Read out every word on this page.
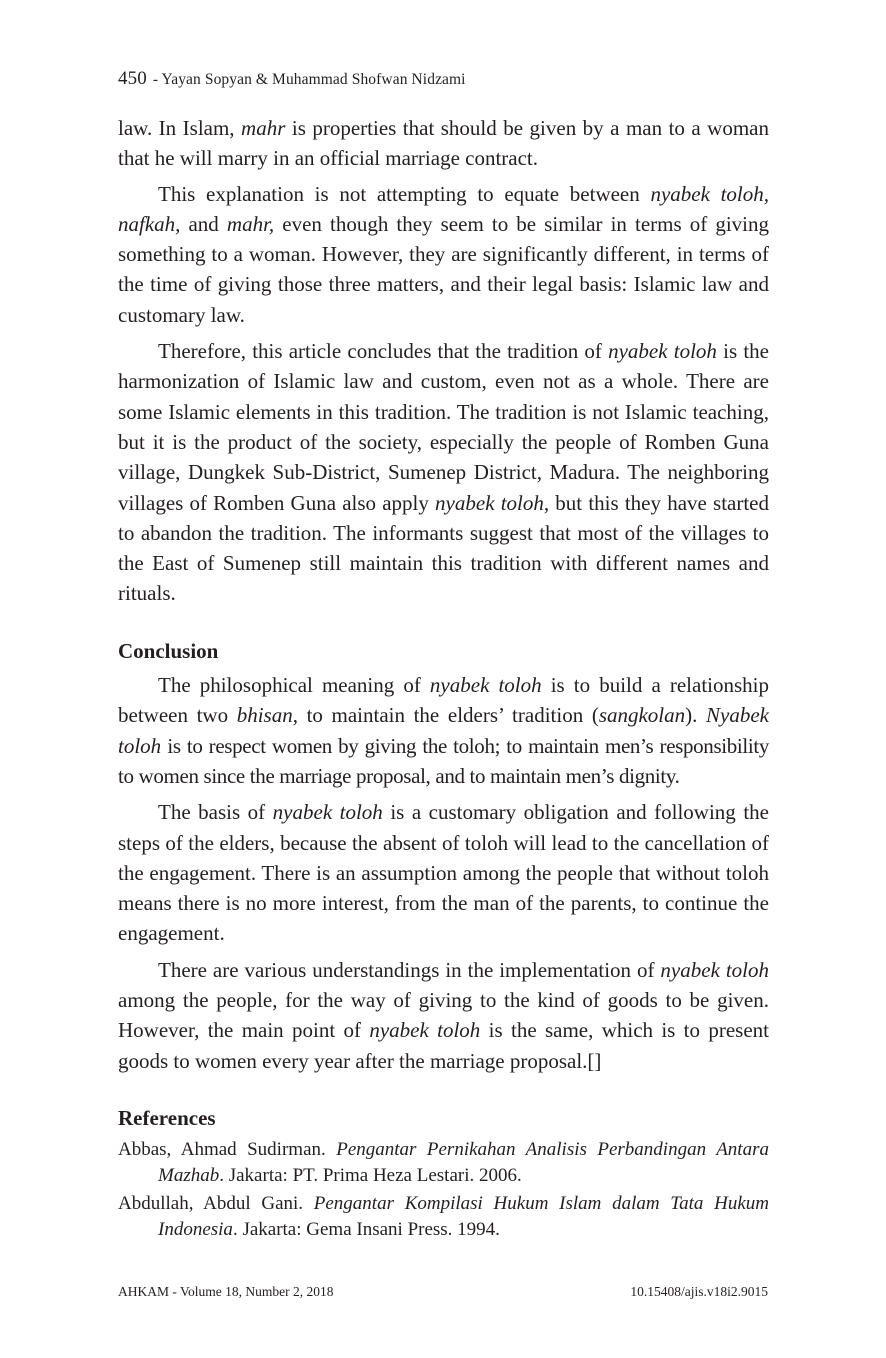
450 - Yayan Sopyan & Muhammad Shofwan Nidzami

law. In Islam, mahr is properties that should be given by a man to a woman that he will marry in an official marriage contract.

This explanation is not attempting to equate between nyabek toloh, nafkah, and mahr, even though they seem to be similar in terms of giving something to a woman. However, they are significantly different, in terms of the time of giving those three matters, and their legal basis: Islamic law and customary law.

Therefore, this article concludes that the tradition of nyabek toloh is the harmonization of Islamic law and custom, even not as a whole. There are some Islamic elements in this tradition. The tradition is not Islamic teaching, but it is the product of the society, especially the people of Romben Guna village, Dungkek Sub-District, Sumenep District, Madura. The neighboring villages of Romben Guna also apply nyabek toloh, but this they have started to abandon the tradition. The informants suggest that most of the villages to the East of Sumenep still maintain this tradition with different names and rituals.

Conclusion

The philosophical meaning of nyabek toloh is to build a relationship between two bhisan, to maintain the elders’ tradition (sangkolan). Nyabek toloh is to respect women by giving the toloh; to maintain men’s responsibility to women since the marriage proposal, and to maintain men’s dignity.

The basis of nyabek toloh is a customary obligation and following the steps of the elders, because the absent of toloh will lead to the cancellation of the engagement. There is an assumption among the people that without toloh means there is no more interest, from the man of the parents, to continue the engagement.

There are various understandings in the implementation of nyabek toloh among the people, for the way of giving to the kind of goods to be given. However, the main point of nyabek toloh is the same, which is to present goods to women every year after the marriage proposal.[]

References

Abbas, Ahmad Sudirman. Pengantar Pernikahan Analisis Perbandingan Antara Mazhab. Jakarta: PT. Prima Heza Lestari. 2006.

Abdullah, Abdul Gani. Pengantar Kompilasi Hukum Islam dalam Tata Hukum Indonesia. Jakarta: Gema Insani Press. 1994.

AHKAM - Volume 18, Number 2, 2018	10.15408/ajis.v18i2.9015
